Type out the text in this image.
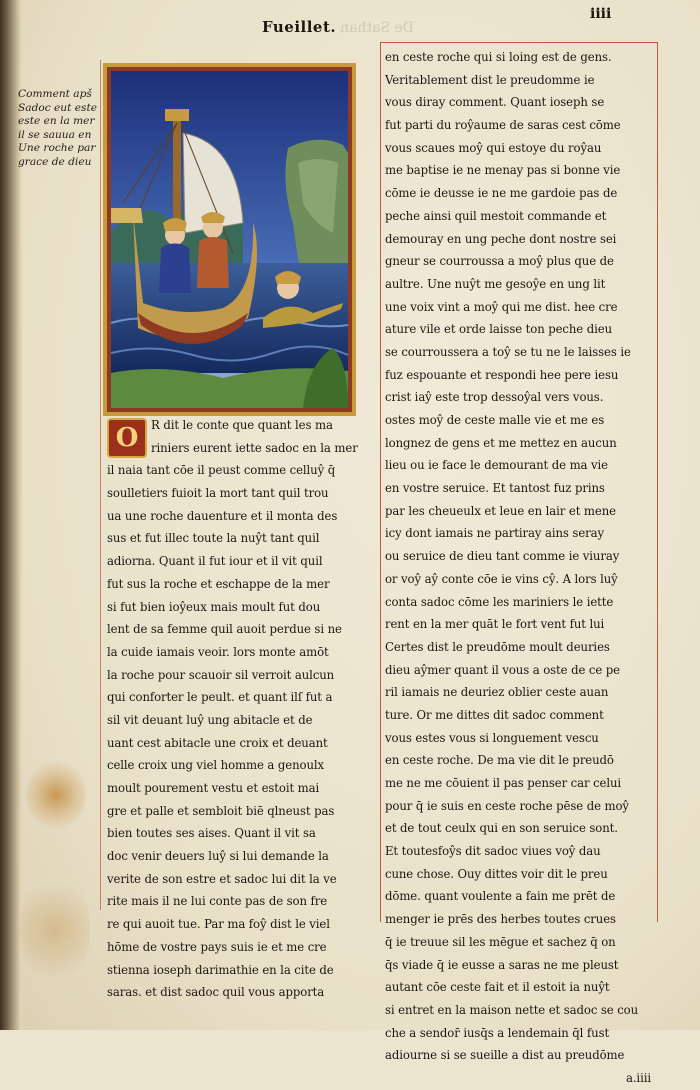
Fueillet.
iiii
De Sathan
Comment apš
Sadoc eut este
este en la mer
il se sauua en
Une roche par
grace de dieu
O	R dit le conte que quant les ma
riniers eurent iette sadoc en la mer
il naia tant cōe il peust comme celluŷ q̄
soulletiers fuioit la mort tant quil trou
ua une roche dauenture et il monta des
sus et fut illec toute la nuŷt tant quil
adiorna. Quant il fut iour et il vit quil
fut sus la roche et eschappe de la mer
si fut bien ioŷeux mais moult fut dou
lent de sa femme quil auoit perdue si ne
la cuide iamais veoir. lors monte amōt
la roche pour scauoir sil verroit aulcun
qui conforter le peult. et quant ilſ fut a
sil vit deuant luŷ ung abitacle et de
uant cest abitacle une croix et deuant
celle croix ung viel homme a genoulx
moult pourement vestu et estoit mai
gre et palle et sembloit biē qlneust pas
bien toutes ses aises. Quant il vit sa
doc venir deuers luŷ si lui demande la
verite de son estre et sadoc lui dit la ve
rite mais il ne lui conte pas de son fre
re qui auoit tue. Par ma foŷ dist le viel
hōme de vostre pays suis ie et me cre
stienna ioseph darimathie en la cite de
saras. et dist sadoc quil vous apporta
en ceste roche qui si loing est de gens.
Veritablement dist le preudomme ie
vous diray comment. Quant ioseph se
fut parti du roŷaume de saras cest cōme
vous scaues moŷ qui estoye du roŷau
me baptise ie ne menay pas si bonne vie
cōme ie deusse ie ne me gardoie pas de
peche ainsi quil mestoit commande et
demouray en ung peche dont nostre sei
gneur se courroussa a moŷ plus que de
aultre. Une nuŷt me gesoŷe en ung lit
une voix vint a moŷ qui me dist. hee cre
ature vile et orde laisse ton peche dieu
se courroussera a toŷ se tu ne le laisses ie
fuz espouante et respondi hee pere iesu
crist iaŷ este trop dessoŷal vers vous.
ostes moŷ de ceste malle vie et me es
longnez de gens et me mettez en aucun
lieu ou ie face le demourant de ma vie
en vostre seruice. Et tantost fuz prins
par les cheueulx et leue en lair et mene
icy dont iamais ne partiray ains seray
ou seruice de dieu tant comme ie viuray
or voŷ aŷ conte cōe ie vins cŷ. A lors luŷ
conta sadoc cōme les mariniers le iette
rent en la mer quāt le fort vent fut lui
Certes dist le preudōme moult deuries
dieu aŷmer quant il vous a oste de ce pe
ril iamais ne deuriez oblier ceste auan
ture. Or me dittes dit sadoc comment
vous estes vous si longuement vescu
en ceste roche. De ma vie dit le preudō
me ne me cōuient il pas penser car celui
pour q̄ ie suis en ceste roche pēse de moŷ
et de tout ceulx qui en son seruice sont.
Et toutesfoŷs dit sadoc viues voŷ dau
cune chose. Ouy dittes voir dit le preu
dōme. quant voulente a fain me prēt de
menger ie prēs des herbes toutes crues
q̄ ie treuue sil les mēgue et sachez q̄ on
q̄s viade q̄ ie eusse a saras ne me pleust
autant cōe ceste fait et il estoit ia nuŷt
si entret en la maison nette et sadoc se cou
che a sendor̄ iusq̄s a lendemain q̄l fust
adiourne si se sueille a dist au preudōme
a.iiii
